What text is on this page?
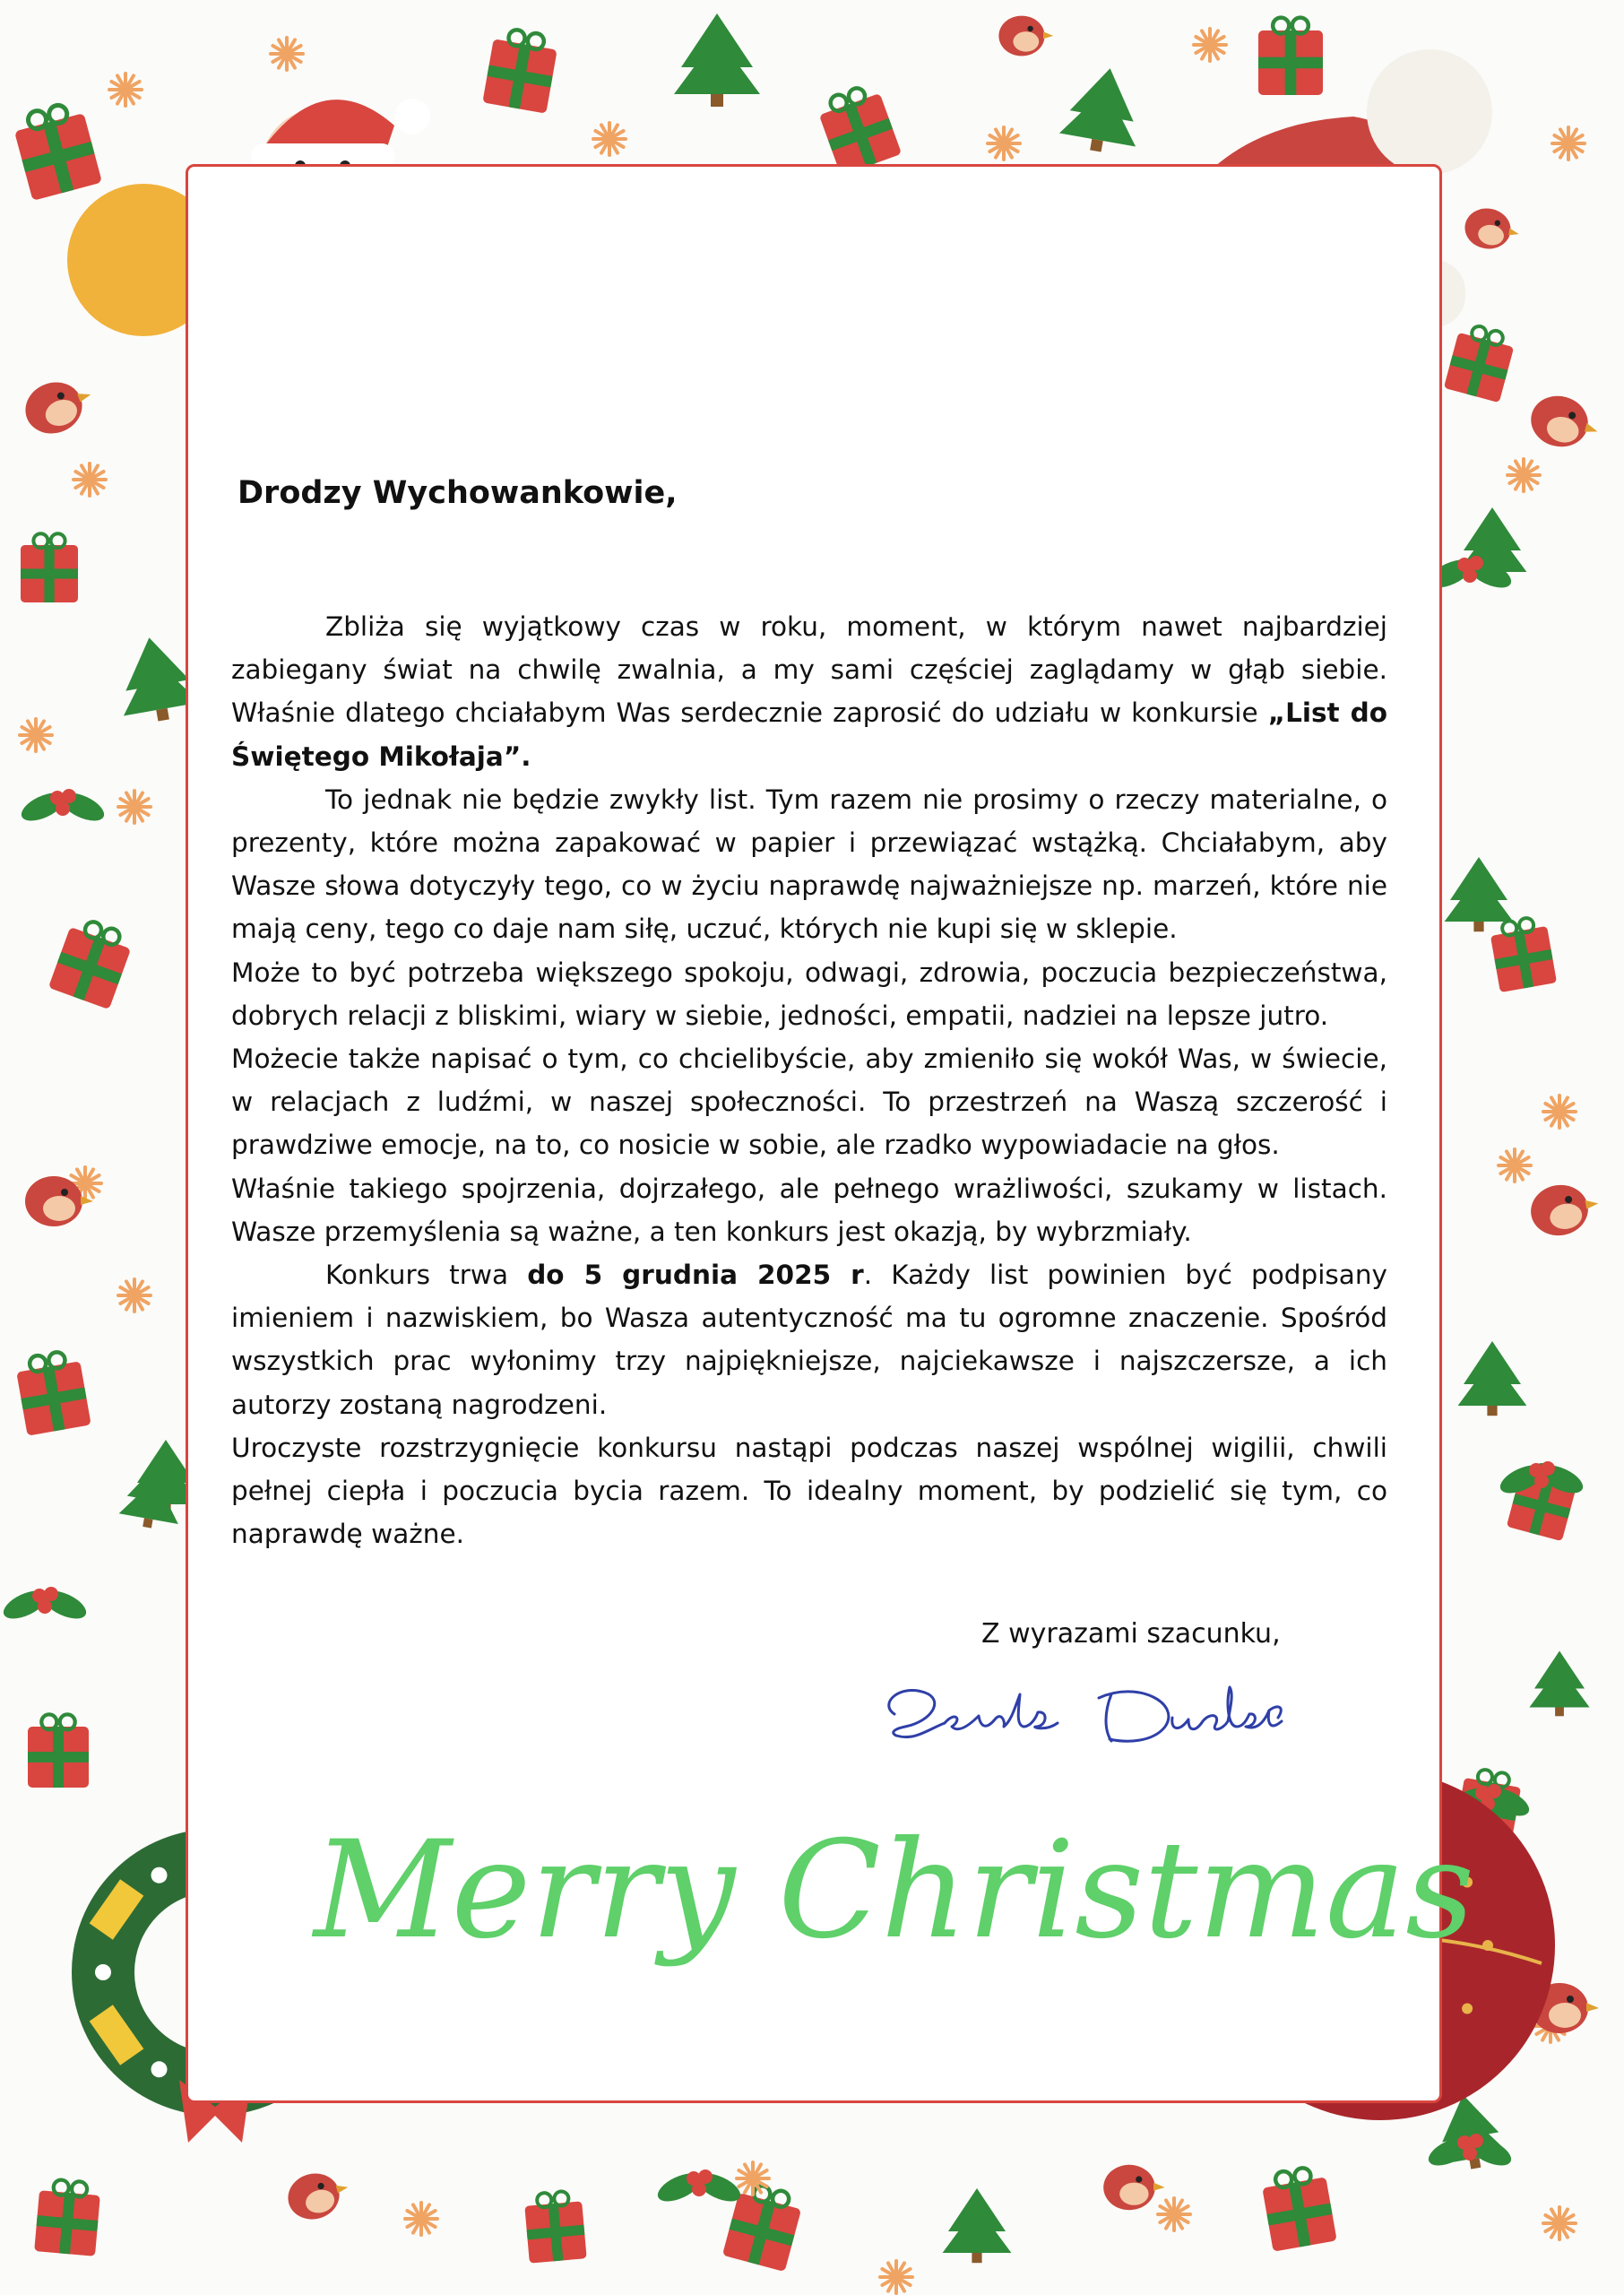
Drodzy Wychowankowie,

Zbliża się wyjątkowy czas w roku, moment, w którym nawet najbardziej zabiegany świat na chwilę zwalnia, a my sami częściej zaglądamy w głąb siebie. Właśnie dlatego chciałabym Was serdecznie zaprosić do udziału w konkursie „List do Świętego Mikołaja”.

To jednak nie będzie zwykły list. Tym razem nie prosimy o rzeczy materialne, o prezenty, które można zapakować w papier i przewiązać wstążką. Chciałabym, aby Wasze słowa dotyczyły tego, co w życiu naprawdę najważniejsze np. marzeń, które nie mają ceny, tego co daje nam siłę, uczuć, których nie kupi się w sklepie.

Może to być potrzeba większego spokoju, odwagi, zdrowia, poczucia bezpieczeństwa, dobrych relacji z bliskimi, wiary w siebie, jedności, empatii, nadziei na lepsze jutro.

Możecie także napisać o tym, co chcielibyście, aby zmieniło się wokół Was, w świecie, w relacjach z ludźmi, w naszej społeczności. To przestrzeń na Waszą szczerość i prawdziwe emocje, na to, co nosicie w sobie, ale rzadko wypowiadacie na głos.

Właśnie takiego spojrzenia, dojrzałego, ale pełnego wrażliwości, szukamy w listach. Wasze przemyślenia są ważne, a ten konkurs jest okazją, by wybrzmiały.

Konkurs trwa do 5 grudnia 2025 r. Każdy list powinien być podpisany imieniem i nazwiskiem, bo Wasza autentyczność ma tu ogromne znaczenie. Spośród wszystkich prac wyłonimy trzy najpiękniejsze, najciekawsze i najszczersze, a ich autorzy zostaną nagrodzeni.

Uroczyste rozstrzygnięcie konkursu nastąpi podczas naszej wspólnej wigilii, chwili pełnej ciepła i poczucia bycia razem. To idealny moment, by podzielić się tym, co naprawdę ważne.

Z wyrazami szacunku,
Merry Christmas
